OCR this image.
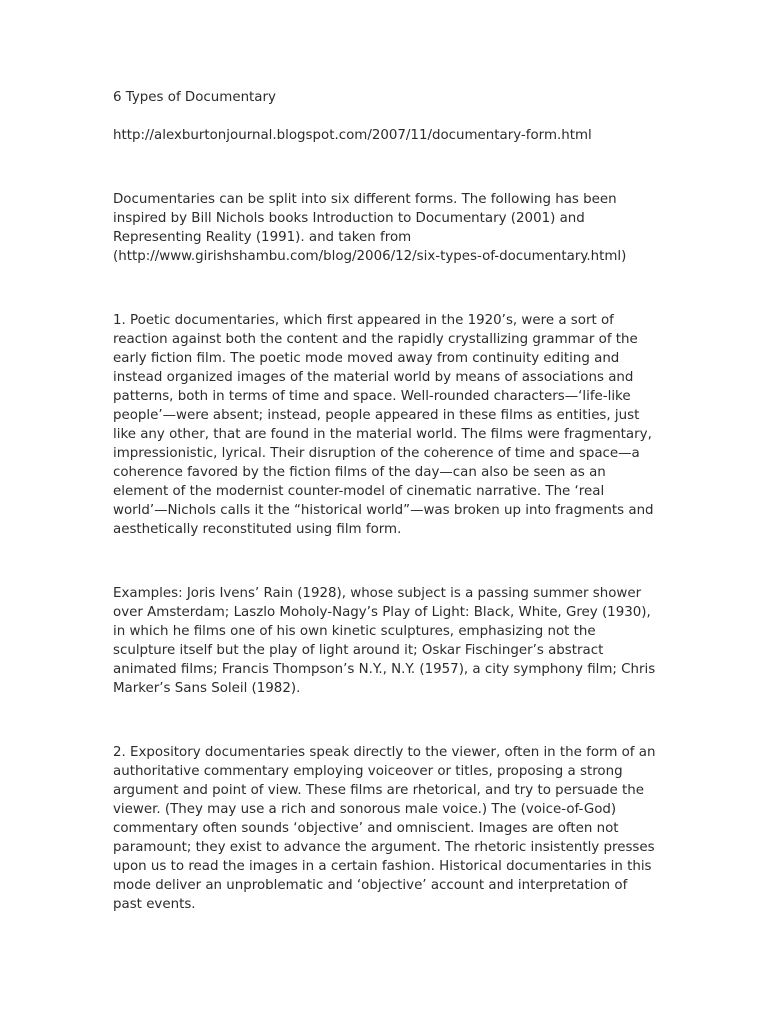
6 Types of Documentary

http://alexburtonjournal.blogspot.com/2007/11/documentary-form.html

Documentaries can be split into six different forms. The following has been inspired by Bill Nichols books Introduction to Documentary (2001) and Representing Reality (1991). and taken from (http://www.girishshambu.com/blog/2006/12/six-types-of-documentary.html)

1. Poetic documentaries, which first appeared in the 1920’s, were a sort of reaction against both the content and the rapidly crystallizing grammar of the early fiction film. The poetic mode moved away from continuity editing and instead organized images of the material world by means of associations and patterns, both in terms of time and space. Well-rounded characters—‘life-like people’—were absent; instead, people appeared in these films as entities, just like any other, that are found in the material world. The films were fragmentary, impressionistic, lyrical. Their disruption of the coherence of time and space—a coherence favored by the fiction films of the day—can also be seen as an element of the modernist counter-model of cinematic narrative. The ‘real world’—Nichols calls it the “historical world”—was broken up into fragments and aesthetically reconstituted using film form.

Examples: Joris Ivens’ Rain (1928), whose subject is a passing summer shower over Amsterdam; Laszlo Moholy-Nagy’s Play of Light: Black, White, Grey (1930), in which he films one of his own kinetic sculptures, emphasizing not the sculpture itself but the play of light around it; Oskar Fischinger’s abstract animated films; Francis Thompson’s N.Y., N.Y. (1957), a city symphony film; Chris Marker’s Sans Soleil (1982).

2. Expository documentaries speak directly to the viewer, often in the form of an authoritative commentary employing voiceover or titles, proposing a strong argument and point of view. These films are rhetorical, and try to persuade the viewer. (They may use a rich and sonorous male voice.) The (voice-of-God) commentary often sounds ‘objective’ and omniscient. Images are often not paramount; they exist to advance the argument. The rhetoric insistently presses upon us to read the images in a certain fashion. Historical documentaries in this mode deliver an unproblematic and ‘objective’ account and interpretation of past events.
